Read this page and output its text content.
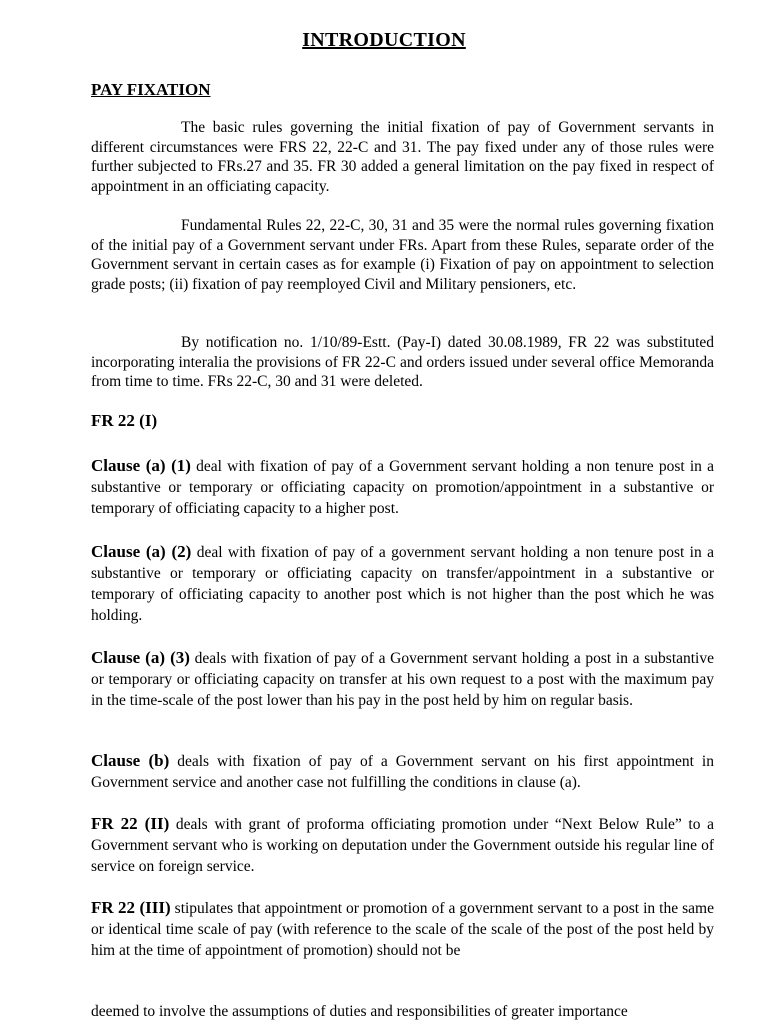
INTRODUCTION
PAY FIXATION
The basic rules governing the initial fixation of pay of Government servants in different circumstances were FRS 22, 22-C and 31. The pay fixed under any of those rules were further subjected to FRs.27 and 35. FR 30 added a general limitation on the pay fixed in respect of appointment in an officiating capacity.
Fundamental Rules 22, 22-C, 30, 31 and 35 were the normal rules governing fixation of the initial pay of a Government servant under FRs. Apart from these Rules, separate order of the Government servant in certain cases as for example (i) Fixation of pay on appointment to selection grade posts; (ii) fixation of pay reemployed Civil and Military pensioners, etc.
By notification no. 1/10/89-Estt. (Pay-I) dated 30.08.1989, FR 22 was substituted incorporating interalia the provisions of FR 22-C and orders issued under several office Memoranda from time to time. FRs 22-C, 30 and 31 were deleted.
FR 22 (I)
Clause (a) (1) deal with fixation of pay of a Government servant holding a non tenure post in a substantive or temporary or officiating capacity on promotion/appointment in a substantive or temporary of officiating capacity to a higher post.
Clause (a) (2) deal with fixation of pay of a government servant holding a non tenure post in a substantive or temporary or officiating capacity on transfer/appointment in a substantive or temporary of officiating capacity to another post which is not higher than the post which he was holding.
Clause (a) (3) deals with fixation of pay of a Government servant holding a post in a substantive or temporary or officiating capacity on transfer at his own request to a post with the maximum pay in the time-scale of the post lower than his pay in the post held by him on regular basis.
Clause (b) deals with fixation of pay of a Government servant on his first appointment in Government service and another case not fulfilling the conditions in clause (a).
FR 22 (II) deals with grant of proforma officiating promotion under “Next Below Rule” to a Government servant who is working on deputation under the Government outside his regular line of service on foreign service.
FR 22 (III) stipulates that appointment or promotion of a government servant to a post in the same or identical time scale of pay (with reference to the scale of the scale of the post of the post held by him at the time of appointment of promotion) should not be
deemed to involve the assumptions of duties and responsibilities of greater importance
